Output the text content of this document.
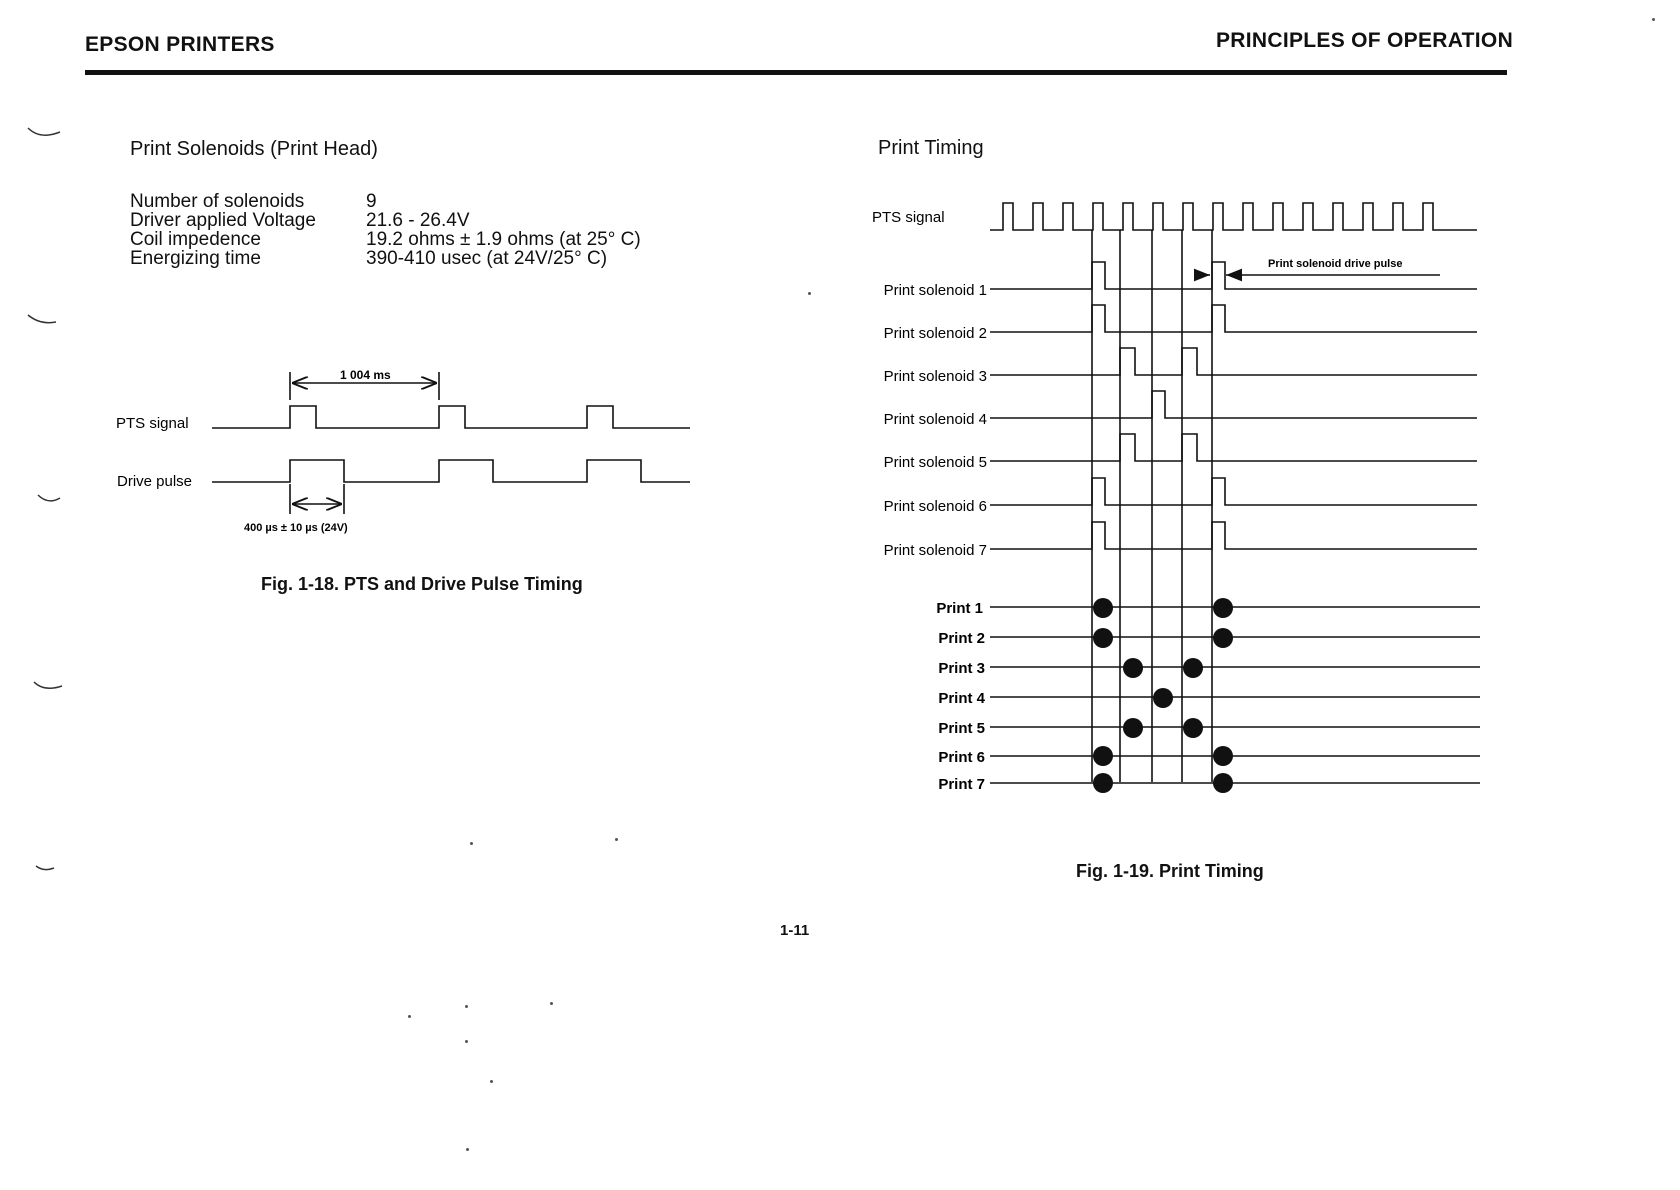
EPSON PRINTERS	PRINCIPLES OF OPERATION
Print Solenoids (Print Head)
Number of solenoids	9
Driver applied Voltage	21.6 - 26.4V
Coil impedence	19.2 ohms ± 1.9 ohms (at 25° C)
Energizing time	390-410 usec (at 24V/25° C)
1 004 ms
PTS signal
Drive pulse
400 µs ± 10 µs (24V)
Fig. 1-18. PTS and Drive Pulse Timing
Print Timing
PTS signal
Print solenoid drive pulse
Print solenoid 1
Print solenoid 2
Print solenoid 3
Print solenoid 4
Print solenoid 5
Print solenoid 6
Print solenoid 7
Print 1
Print 2
Print 3
Print 4
Print 5
Print 6
Print 7
Fig. 1-19. Print Timing
1-11
